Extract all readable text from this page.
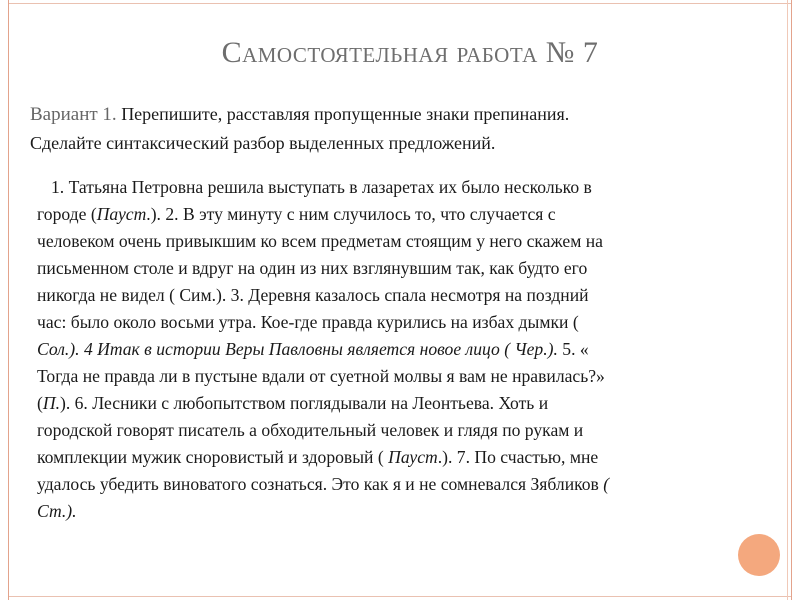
Самостоятельная работа № 7
Вариант 1. Перепишите, расставляя пропущенные знаки препинания.
Сделайте синтаксический разбор выделенных предложений.

1. Татьяна Петровна решила выступать в лазаретах их было несколько в

городе (Пауст.). 2. В эту минуту с ним случилось то, что случается с

человеком очень привыкшим ко всем предметам стоящим у него скажем на

письменном столе и вдруг на один из них взглянувшим так, как будто его

никогда не видел ( Сим.). 3. Деревня казалось спала несмотря на поздний

час: было около восьми утра. Кое-где правда курились на избах дымки (

Сол.). 4 Итак в истории Веры Павловны является новое лицо ( Чер.). 5. «

Тогда не правда ли в пустыне вдали от суетной молвы я вам не нравилась?»

(П.). 6. Лесники с любопытством поглядывали на Леонтьева. Хоть и

городской говорят писатель а обходительный человек и глядя по рукам и

комплекции мужик сноровистый и здоровый ( Пауст.). 7. По счастью, мне

удалось убедить виноватого сознаться. Это как я и не сомневался Зябликов (

Ст.).
